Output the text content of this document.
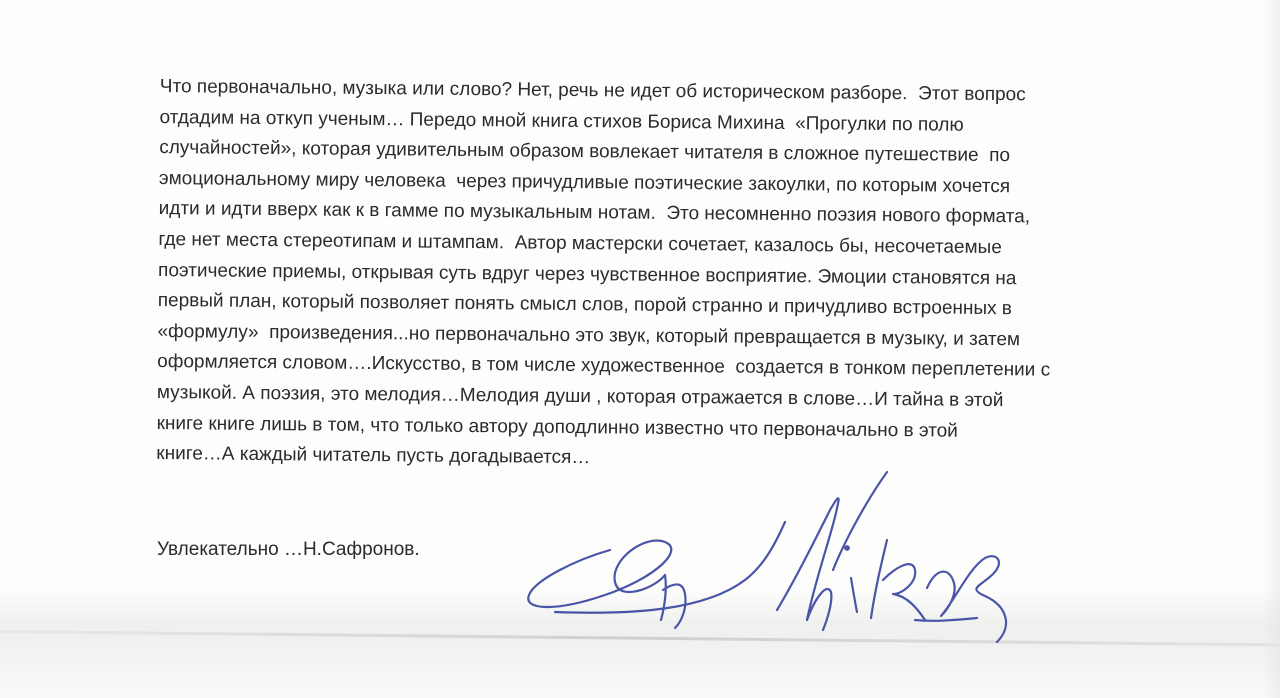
Что первоначально, музыка или слово? Нет, речь не идет об историческом разборе.  Этот вопрос
отдадим на откуп ученым… Передо мной книга стихов Бориса Михина  «Прогулки по полю
случайностей», которая удивительным образом вовлекает читателя в сложное путешествие  по
эмоциональному миру человека  через причудливые поэтические закоулки, по которым хочется
идти и идти вверх как к в гамме по музыкальным нотам.  Это несомненно поэзия нового формата,
где нет места стереотипам и штампам.  Автор мастерски сочетает, казалось бы, несочетаемые
поэтические приемы, открывая суть вдруг через чувственное восприятие. Эмоции становятся на
первый план, который позволяет понять смысл слов, порой странно и причудливо встроенных в
«формулу»  произведения...но первоначально это звук, который превращается в музыку, и затем
оформляется словом….Искусство, в том числе художественное  создается в тонком переплетении с
музыкой. А поэзия, это мелодия…Мелодия души , которая отражается в слове…И тайна в этой
книге книге лишь в том, что только автору доподлинно известно что первоначально в этой
книге…А каждый читатель пусть догадывается…
Увлекательно …Н.Сафронов.
